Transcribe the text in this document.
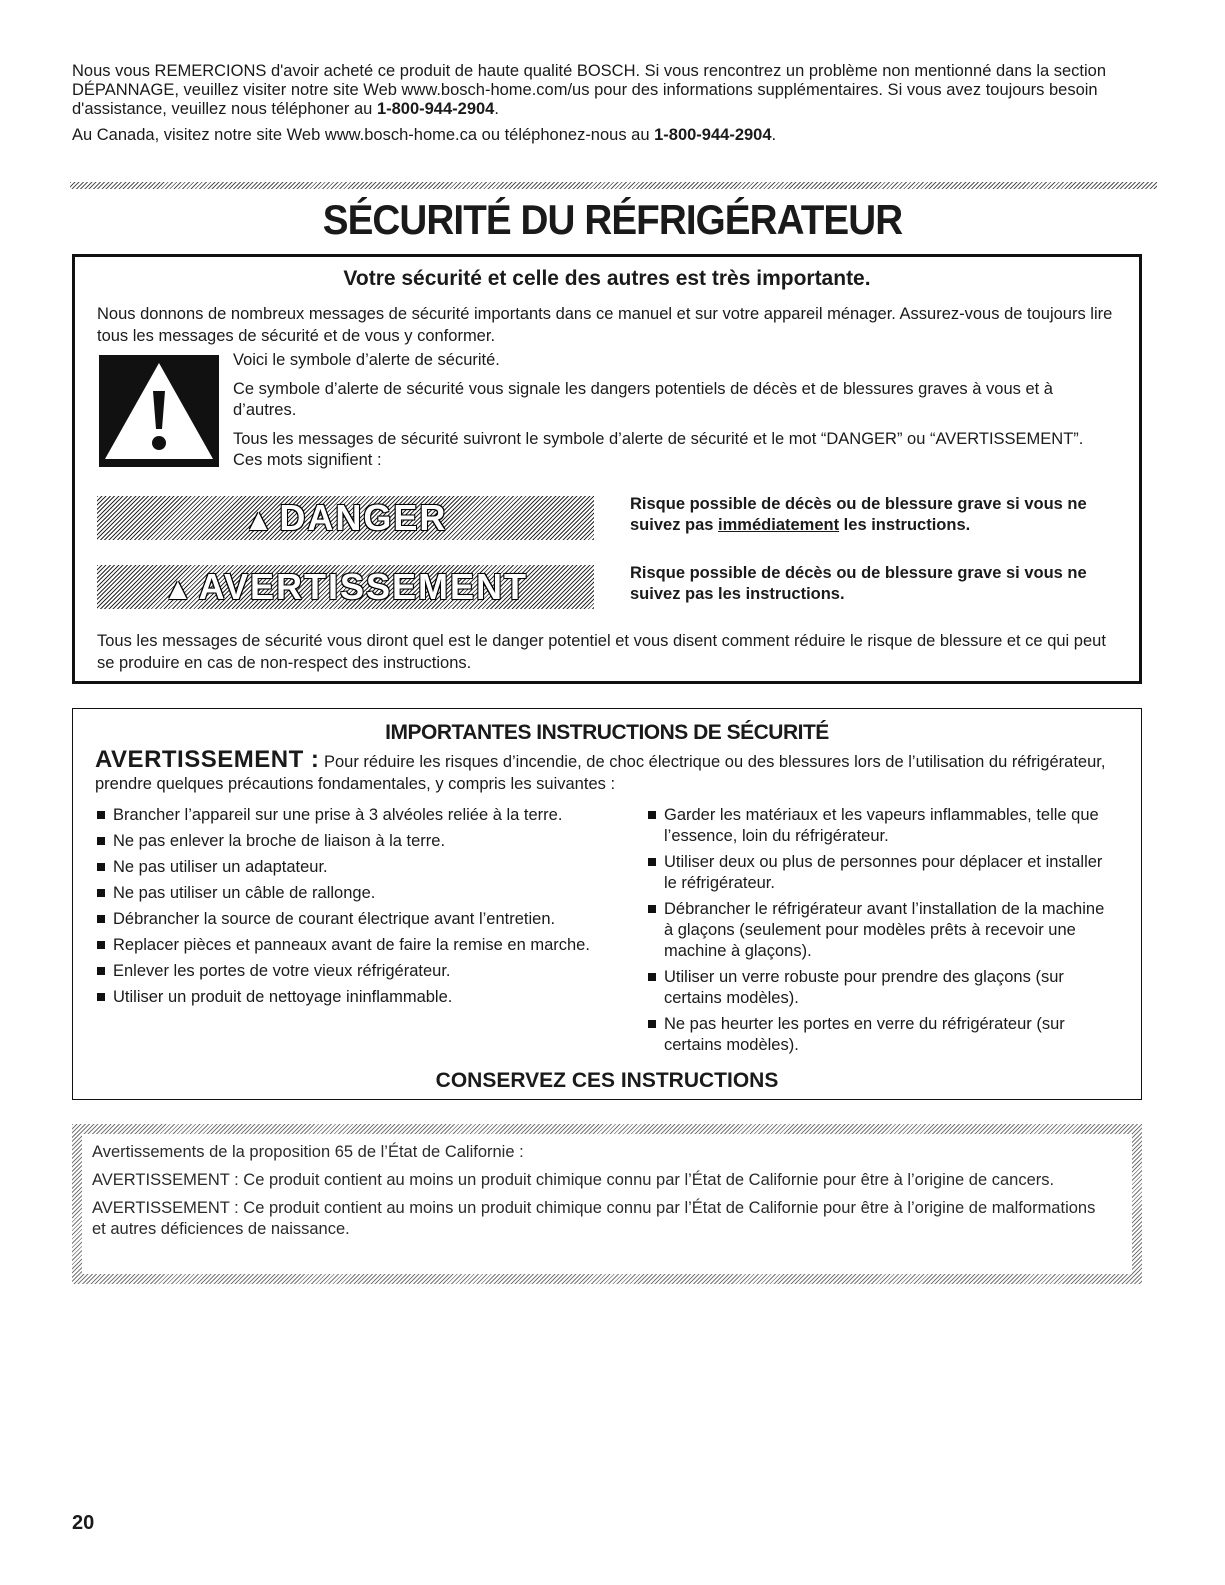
Nous vous REMERCIONS d'avoir acheté ce produit de haute qualité BOSCH. Si vous rencontrez un problème non mentionné dans la section DÉPANNAGE, veuillez visiter notre site Web www.bosch-home.com/us pour des informations supplémentaires. Si vous avez toujours besoin d'assistance, veuillez nous téléphoner au 1-800-944-2904.

Au Canada, visitez notre site Web www.bosch-home.ca ou téléphonez-nous au 1-800-944-2904.

SÉCURITÉ DU RÉFRIGÉRATEUR
Votre sécurité et celle des autres est très importante.
Nous donnons de nombreux messages de sécurité importants dans ce manuel et sur votre appareil ménager. Assurez-vous de toujours lire tous les messages de sécurité et de vous y conformer.

Voici le symbole d’alerte de sécurité.

Ce symbole d’alerte de sécurité vous signale les dangers potentiels de décès et de blessures graves à vous et à d’autres.

Tous les messages de sécurité suivront le symbole d’alerte de sécurité et le mot “DANGER” ou “AVERTISSEMENT”. Ces mots signifient :

▲ DANGER	Risque possible de décès ou de blessure grave si vous ne suivez pas immédiatement les instructions.
▲ AVERTISSEMENT	Risque possible de décès ou de blessure grave si vous ne suivez pas les instructions.
Tous les messages de sécurité vous diront quel est le danger potentiel et vous disent comment réduire le risque de blessure et ce qui peut se produire en cas de non-respect des instructions.
IMPORTANTES INSTRUCTIONS DE SÉCURITÉ
AVERTISSEMENT : Pour réduire les risques d’incendie, de choc électrique ou des blessures lors de l’utilisation du réfrigérateur, prendre quelques précautions fondamentales, y compris les suivantes :
Brancher l’appareil sur une prise à 3 alvéoles reliée à la terre.
Ne pas enlever la broche de liaison à la terre.
Ne pas utiliser un adaptateur.
Ne pas utiliser un câble de rallonge.
Débrancher la source de courant électrique avant l’entretien.
Replacer pièces et panneaux avant de faire la remise en marche.
Enlever les portes de votre vieux réfrigérateur.
Utiliser un produit de nettoyage ininflammable.
Garder les matériaux et les vapeurs inflammables, telle que l’essence, loin du réfrigérateur.
Utiliser deux ou plus de personnes pour déplacer et installer le réfrigérateur.
Débrancher le réfrigérateur avant l’installation de la machine à glaçons (seulement pour modèles prêts à recevoir une machine à glaçons).
Utiliser un verre robuste pour prendre des glaçons (sur certains modèles).
Ne pas heurter les portes en verre du réfrigérateur (sur certains modèles).
CONSERVEZ CES INSTRUCTIONS

Avertissements de la proposition 65 de l’État de Californie :

AVERTISSEMENT : Ce produit contient au moins un produit chimique connu par l’État de Californie pour être à l’origine de cancers.

AVERTISSEMENT : Ce produit contient au moins un produit chimique connu par l’État de Californie pour être à l’origine de malformations et autres déficiences de naissance.

20
